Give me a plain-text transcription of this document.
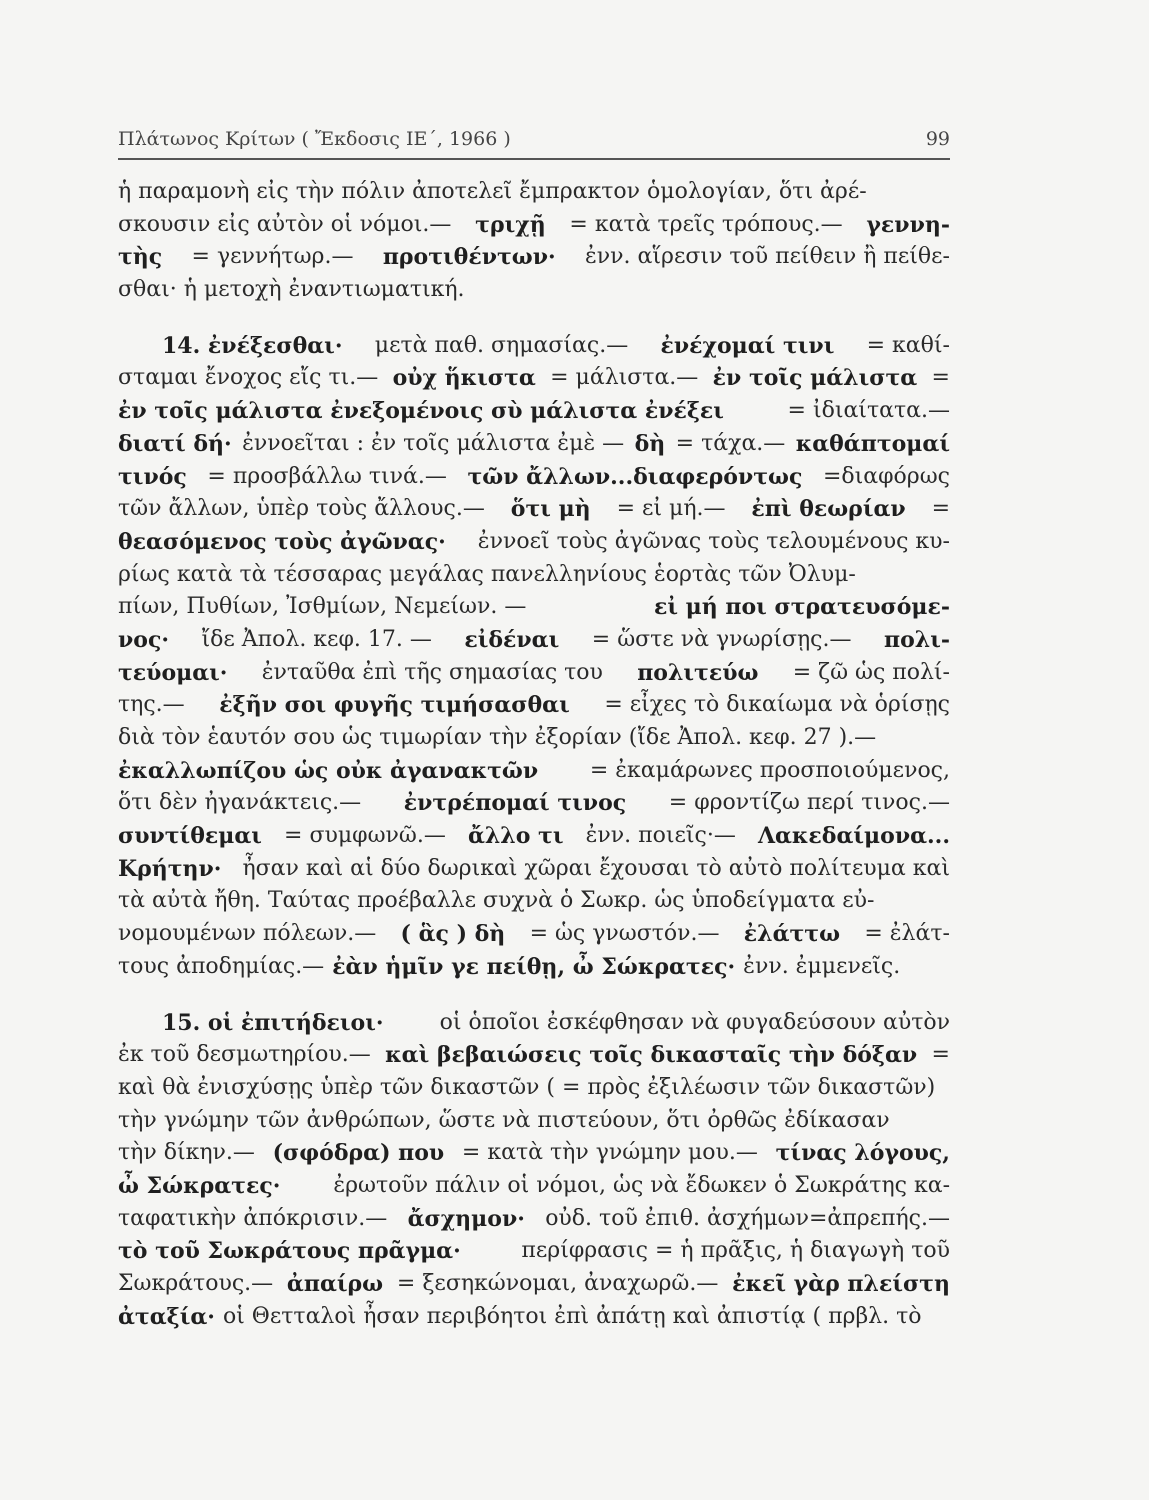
Πλάτωνος Κρίτων ( Ἔκδοσις ΙΕ΄, 1966 )	99
ἡ παραμονὴ εἰς τὴν πόλιν ἀποτελεῖ ἔμπρακτον ὁμολογίαν, ὅτι ἀρέ-
σκουσιν εἰς αὐτὸν οἱ νόμοι.— τριχῇ = κατὰ τρεῖς τρόπους.— γεννη-
τὴς = γεννήτωρ.— προτιθέντων· ἐνν. αἵρεσιν τοῦ πείθειν ἢ πείθε-
σθαι· ἡ μετοχὴ ἐναντιωματική.
14. ἐνέξεσθαι· μετὰ παθ. σημασίας.— ἐνέχομαί τινι = καθί-
σταμαι ἔνοχος εἴς τι.— οὐχ ἥκιστα = μάλιστα.— ἐν τοῖς μάλιστα =
ἐν τοῖς μάλιστα ἐνεξομένοις σὺ μάλιστα ἐνέξει	= ἰδιαίτατα.—
διατί δή· ἐννοεῖται : ἐν τοῖς μάλιστα ἐμὲ — δὴ = τάχα.— καθάπτομαί
τινός = προσβάλλω τινά.— τῶν ἄλλων...διαφερόντως =διαφόρως
τῶν ἄλλων, ὑπὲρ τοὺς ἄλλους.— ὅτι μὴ = εἰ μή.— ἐπὶ θεωρίαν =
θεασόμενος τοὺς ἀγῶνας· ἐννοεῖ τοὺς ἀγῶνας τοὺς τελουμένους κυ-
ρίως κατὰ τὰ τέσσαρας μεγάλας πανελληνίους ἑορτὰς τῶν Ὀλυμ-
πίων, Πυθίων, Ἰσθμίων, Νεμείων. —	εἰ μή ποι στρατευσόμε-
νος· ἴδε Ἀπολ. κεφ. 17. — εἰδέναι = ὥστε νὰ γνωρίσῃς.— πολι-
τεύομαι· ἐνταῦθα ἐπὶ τῆς σημασίας του πολιτεύω = ζῶ ὡς πολί-
της.— ἐξῆν σοι φυγῆς τιμήσασθαι = εἶχες τὸ δικαίωμα νὰ ὁρίσῃς
διὰ τὸν ἑαυτόν σου ὡς τιμωρίαν τὴν ἐξορίαν (ἴδε Ἀπολ. κεφ. 27 ).—
ἐκαλλωπίζου ὡς οὐκ ἀγανακτῶν = ἐκαμάρωνες προσποιούμενος,
ὅτι δὲν ἠγανάκτεις.— ἐντρέπομαί τινος = φροντίζω περί τινος.—
συντίθεμαι = συμφωνῶ.— ἄλλο τι ἐνν. ποιεῖς·— Λακεδαίμονα...
Κρήτην· ἦσαν καὶ αἱ δύο δωρικαὶ χῶραι ἔχουσαι τὸ αὐτὸ πολίτευμα καὶ
τὰ αὐτὰ ἤθη. Ταύτας προέβαλλε συχνὰ ὁ Σωκρ. ὡς ὑποδείγματα εὐ-
νομουμένων πόλεων.— ( ἃς ) δὴ = ὡς γνωστόν.— ἐλάττω = ἐλάτ-
τους ἀποδημίας.— ἐὰν ἡμῖν γε πείθῃ, ὦ Σώκρατες· ἐνν. ἐμμενεῖς.
15. οἱ ἐπιτήδειοι·	οἱ ὁποῖοι ἐσκέφθησαν νὰ φυγαδεύσουν αὐτὸν
ἐκ τοῦ δεσμωτηρίου.— καὶ βεβαιώσεις τοῖς δικασταῖς τὴν δόξαν =
καὶ θὰ ἐνισχύσῃς ὑπὲρ τῶν δικαστῶν ( = πρὸς ἐξιλέωσιν τῶν δικαστῶν)
τὴν γνώμην τῶν ἀνθρώπων, ὥστε νὰ πιστεύουν, ὅτι ὀρθῶς ἐδίκασαν
τὴν δίκην.— (σφόδρα) που = κατὰ τὴν γνώμην μου.— τίνας λόγους,
ὦ Σώκρατες· ἐρωτοῦν πάλιν οἱ νόμοι, ὡς νὰ ἔδωκεν ὁ Σωκράτης κα-
ταφατικὴν ἀπόκρισιν.— ἄσχημον· οὐδ. τοῦ ἐπιθ. ἀσχήμων=ἀπρεπής.—
τὸ τοῦ Σωκράτους πρᾶγμα·	περίφρασις = ἡ πρᾶξις, ἡ διαγωγὴ τοῦ
Σωκράτους.— ἀπαίρω = ξεσηκώνομαι, ἀναχωρῶ.— ἐκεῖ γὰρ πλείστη
ἀταξία· οἱ Θετταλοὶ ἦσαν περιβόητοι ἐπὶ ἀπάτῃ καὶ ἀπιστίᾳ ( πρβλ. τὸ
